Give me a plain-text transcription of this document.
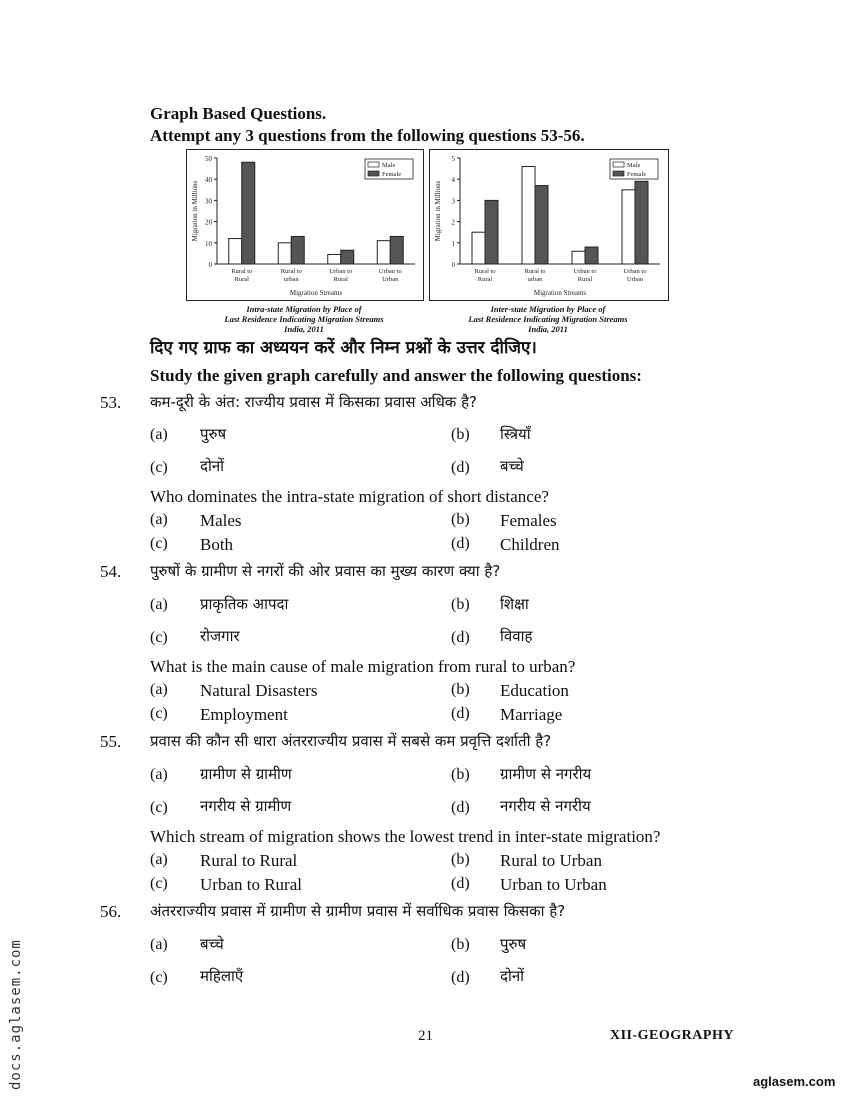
Graph Based Questions.
Attempt any 3 questions from the following questions 53-56.
0
10
20
30
40
50
Migration in Millions
Rural to
Rural
Rural to
urban
Urban to
Rural
Urban to
Urban
Migration Streams
Male
Female
Intra-state Migration by Place of
Last Residence Indicating Migration Streams
India, 2011
0
1
2
3
4
5
Migration in Millions
Rural to
Rural
Rural to
urban
Urban to
Rural
Urban to
Urban
Migration Streams
Male
Female
Inter-state Migration by Place of
Last Residence Indicating Migration Streams
India, 2011
दिए गए ग्राफ का अध्ययन करें और निम्न प्रश्नों के उत्तर दीजिए।
Study the given graph carefully and answer the following questions:
53. कम-दूरी के अंत: राज्यीय प्रवास में किसका प्रवास अधिक है?
(a) पुरुष	(b) स्त्रियाँ
(c) दोनों	(d) बच्चे
Who dominates the intra-state migration of short distance?
(a) Males	(b) Females
(c) Both	(d) Children
54. पुरुषों के ग्रामीण से नगरों की ओर प्रवास का मुख्य कारण क्या है?
(a) प्राकृतिक आपदा	(b) शिक्षा
(c) रोजगार	(d) विवाह
What is the main cause of male migration from rural to urban?
(a) Natural Disasters	(b) Education
(c) Employment	(d) Marriage
55. प्रवास की कौन सी धारा अंतरराज्यीय प्रवास में सबसे कम प्रवृत्ति दर्शाती है?
(a) ग्रामीण से ग्रामीण	(b) ग्रामीण से नगरीय
(c) नगरीय से ग्रामीण	(d) नगरीय से नगरीय
Which stream of migration shows the lowest trend in inter-state migration?
(a) Rural to Rural	(b) Rural to Urban
(c) Urban to Rural	(d) Urban to Urban
56. अंतरराज्यीय प्रवास में ग्रामीण से ग्रामीण प्रवास में सर्वाधिक प्रवास किसका है?
(a) बच्चे	(b) पुरुष
(c) महिलाएँ	(d) दोनों
21	XII-GEOGRAPHY
aglasem.com
docs.aglasem.com
